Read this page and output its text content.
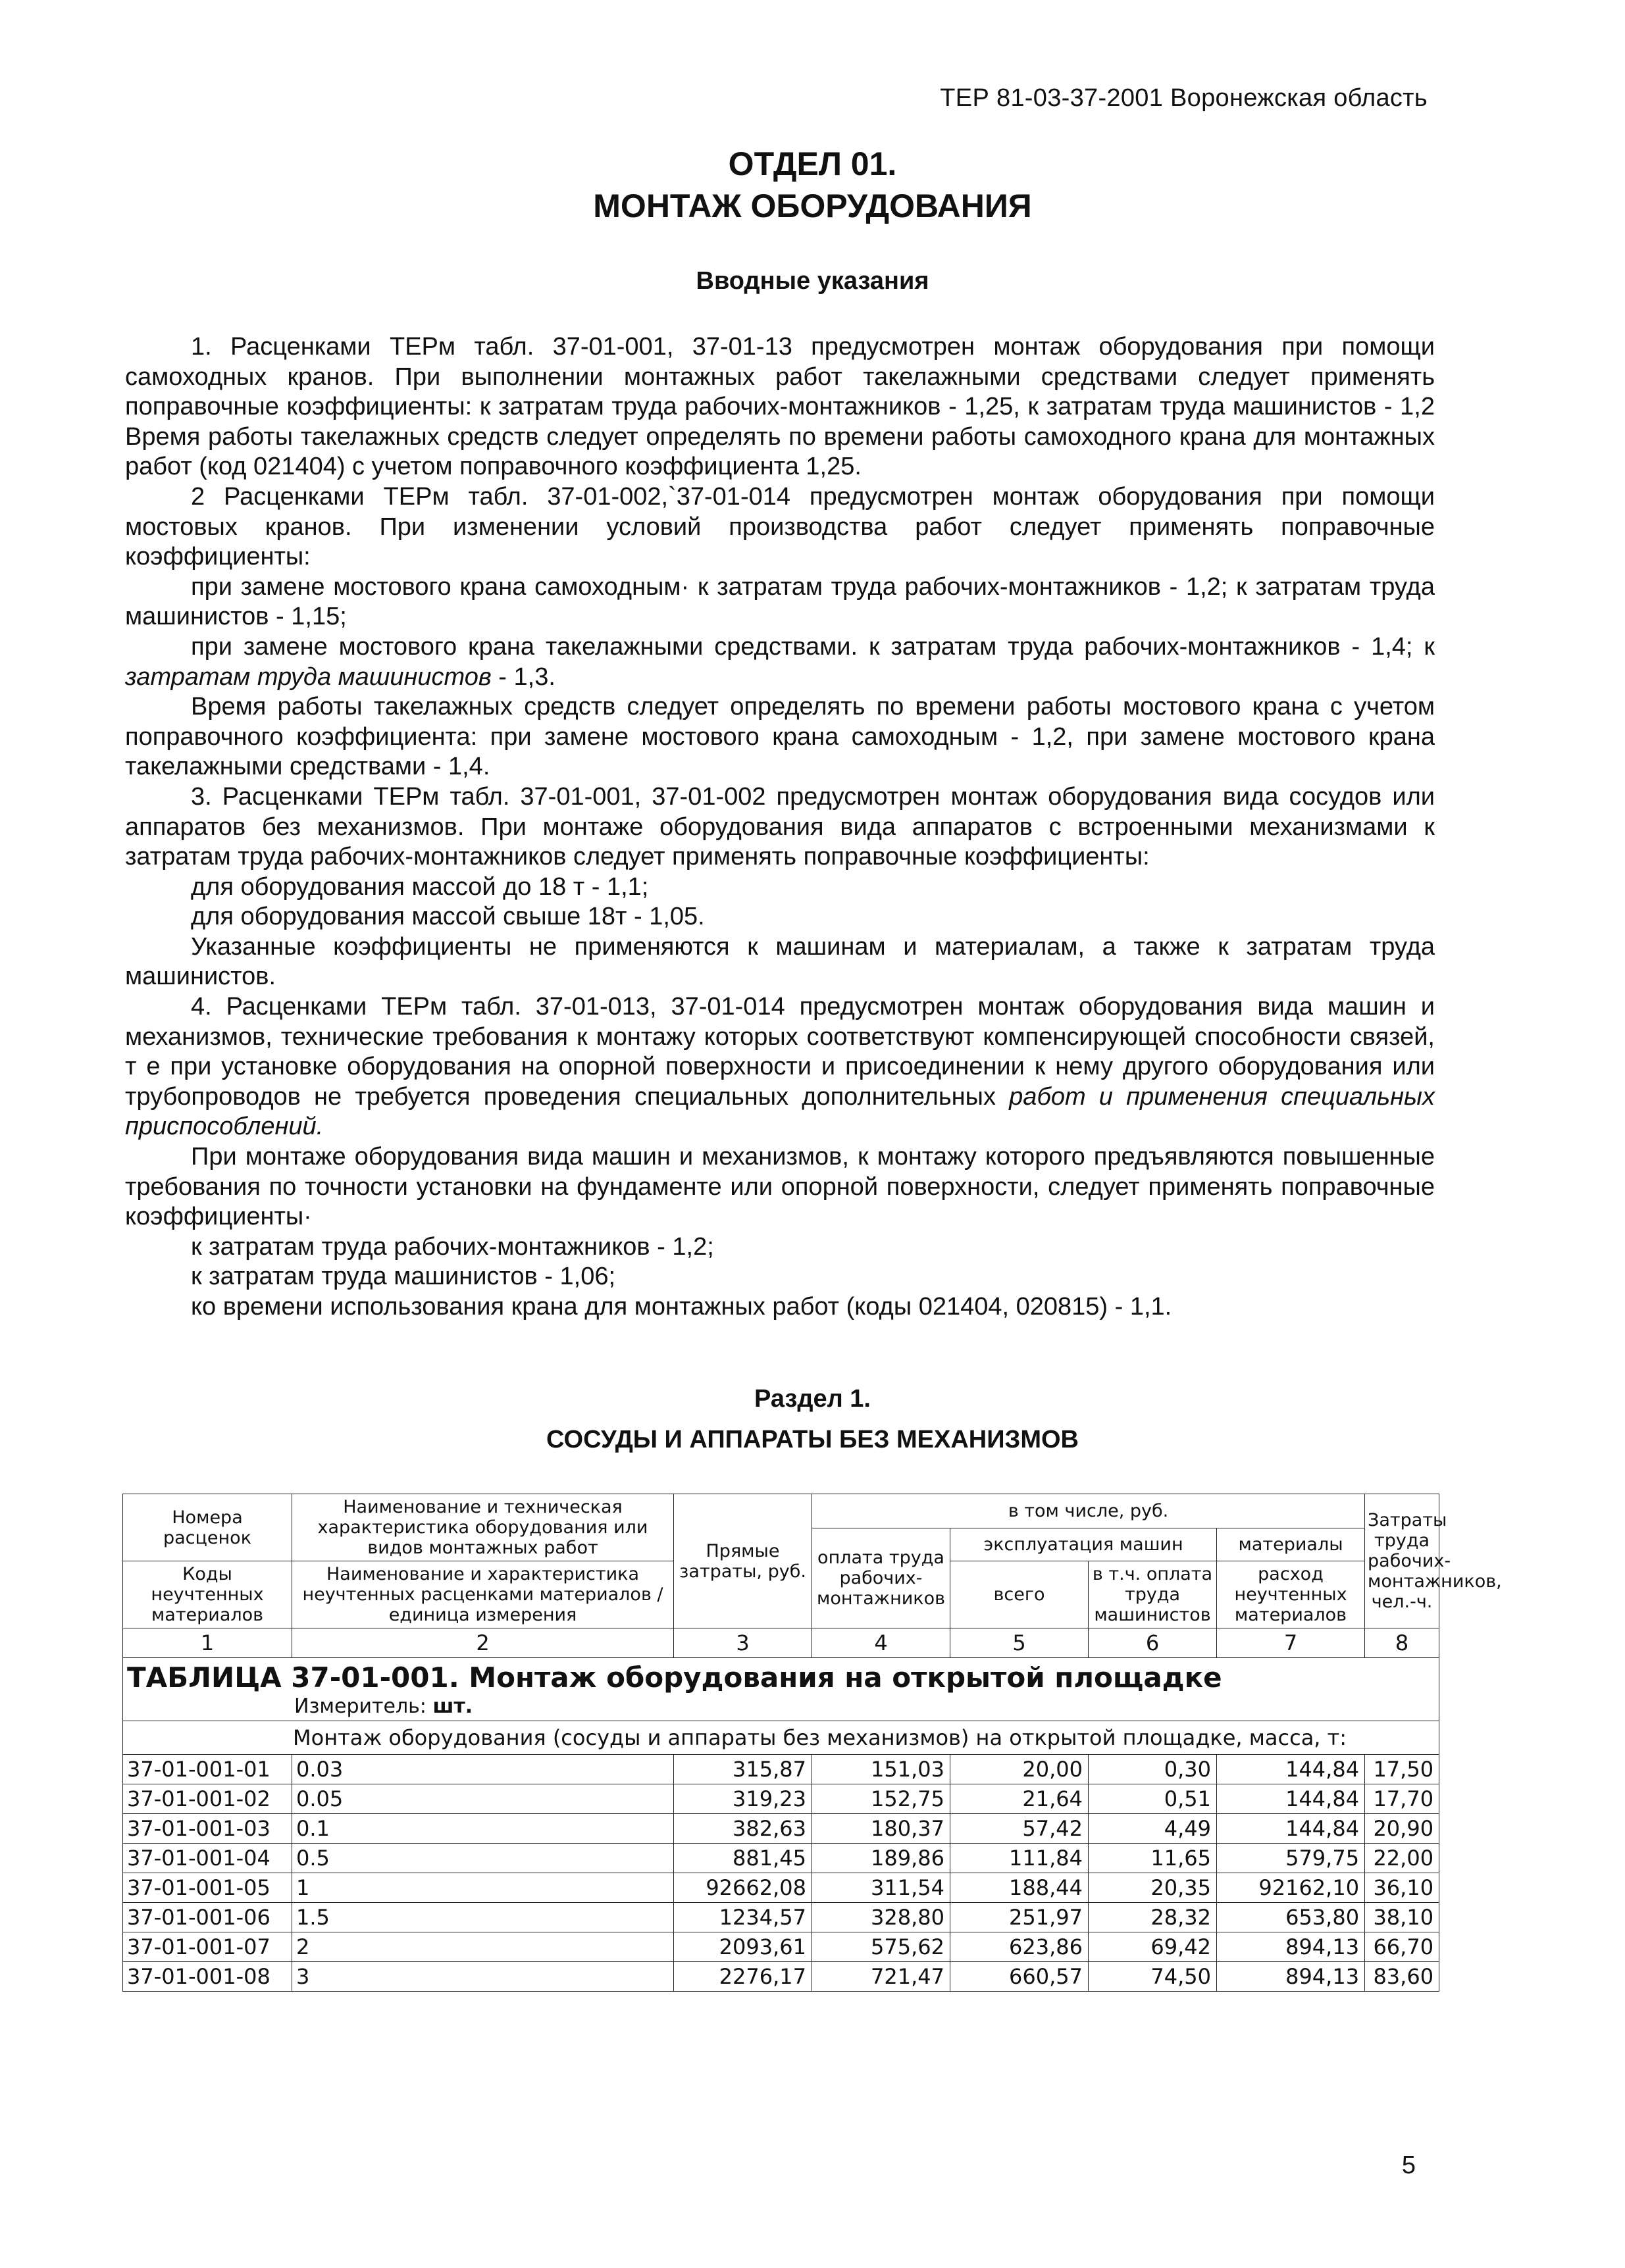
ТЕР 81-03-37-2001 Воронежская область
ОТДЕЛ 01.
МОНТАЖ ОБОРУДОВАНИЯ
Вводные указания

1. Расценками ТЕРм табл. 37-01-001, 37-01-13 предусмотрен монтаж оборудования при помощи самоходных кранов. При выполнении монтажных работ такелажными средствами следует применять поправочные коэффициенты: к затратам труда рабочих-монтажников - 1,25, к затратам труда машинистов - 1,2 Время работы такелажных средств следует определять по времени работы самоходного крана для монтажных работ (код 021404) с учетом поправочного коэффициента 1,25.

2 Расценками ТЕРм табл. 37-01-002,`37-01-014 предусмотрен монтаж оборудования при помощи мостовых кранов. При изменении условий производства работ следует применять поправочные коэффициенты:

при замене мостового крана самоходным· к затратам труда рабочих-монтажников - 1,2; к затратам труда машинистов - 1,15;

при замене мостового крана такелажными средствами. к затратам труда рабочих-монтажников - 1,4; к затратам труда машинистов - 1,3.

Время работы такелажных средств следует определять по времени работы мостового крана с учетом поправочного коэффициента: при замене мостового крана самоходным - 1,2, при замене мостового крана такелажными средствами - 1,4.

3. Расценками ТЕРм табл. 37-01-001, 37-01-002 предусмотрен монтаж оборудования вида сосудов или аппаратов без механизмов. При монтаже оборудования вида аппаратов с встроенными механизмами к затратам труда рабочих-монтажников следует применять поправочные коэффициенты:

для оборудования массой до 18 т - 1,1;

для оборудования массой свыше 18т - 1,05.

Указанные коэффициенты не применяются к машинам и материалам, а также к затратам труда машинистов.

4. Расценками ТЕРм табл. 37-01-013, 37-01-014 предусмотрен монтаж оборудования вида машин и механизмов, технические требования к монтажу которых соответствуют компенсирующей способности связей, т е при установке оборудования на опорной поверхности и присоединении к нему другого оборудования или трубопроводов не требуется проведения специальных дополнительных работ и применения специальных приспособлений.

При монтаже оборудования вида машин и механизмов, к монтажу которого предъявляются повышенные требования по точности установки на фундаменте или опорной поверхности, следует применять поправочные коэффициенты·

к затратам труда рабочих-монтажников - 1,2;

к затратам труда машинистов - 1,06;

ко времени использования крана для монтажных работ (коды 021404, 020815) - 1,1.

Раздел 1.
СОСУДЫ И АППАРАТЫ БЕЗ МЕХАНИЗМОВ
Номера расценок	Наименование и техническая характеристика оборудования или видов монтажных работ	Прямые затраты, руб.	в том числе, руб.				Затраты труда рабочих-монтажников, чел.-ч.
			оплата труда рабочих-монтажников	эксплуатация машин		материалы	
Коды неучтенных материалов	Наименование и характеристика неучтенных расценками материалов / единица измерения			всего	в т.ч. оплата труда машинистов	расход неучтенных материалов	

1	2	3	4	5	6	7	8
ТАБЛИЦА 37-01-001. Монтаж оборудования на открытой площадке							
Измеритель: шт.							
Монтаж оборудования (сосуды и аппараты без механизмов) на открытой площадке, масса, т:							
37-01-001-01	0.03	315,87	151,03	20,00	0,30	144,84	17,50
37-01-001-02	0.05	319,23	152,75	21,64	0,51	144,84	17,70
37-01-001-03	0.1	382,63	180,37	57,42	4,49	144,84	20,90
37-01-001-04	0.5	881,45	189,86	111,84	11,65	579,75	22,00
37-01-001-05	1	92662,08	311,54	188,44	20,35	92162,10	36,10
37-01-001-06	1.5	1234,57	328,80	251,97	28,32	653,80	38,10
37-01-001-07	2	2093,61	575,62	623,86	69,42	894,13	66,70
37-01-001-08	3	2276,17	721,47	660,57	74,50	894,13	83,60
5
